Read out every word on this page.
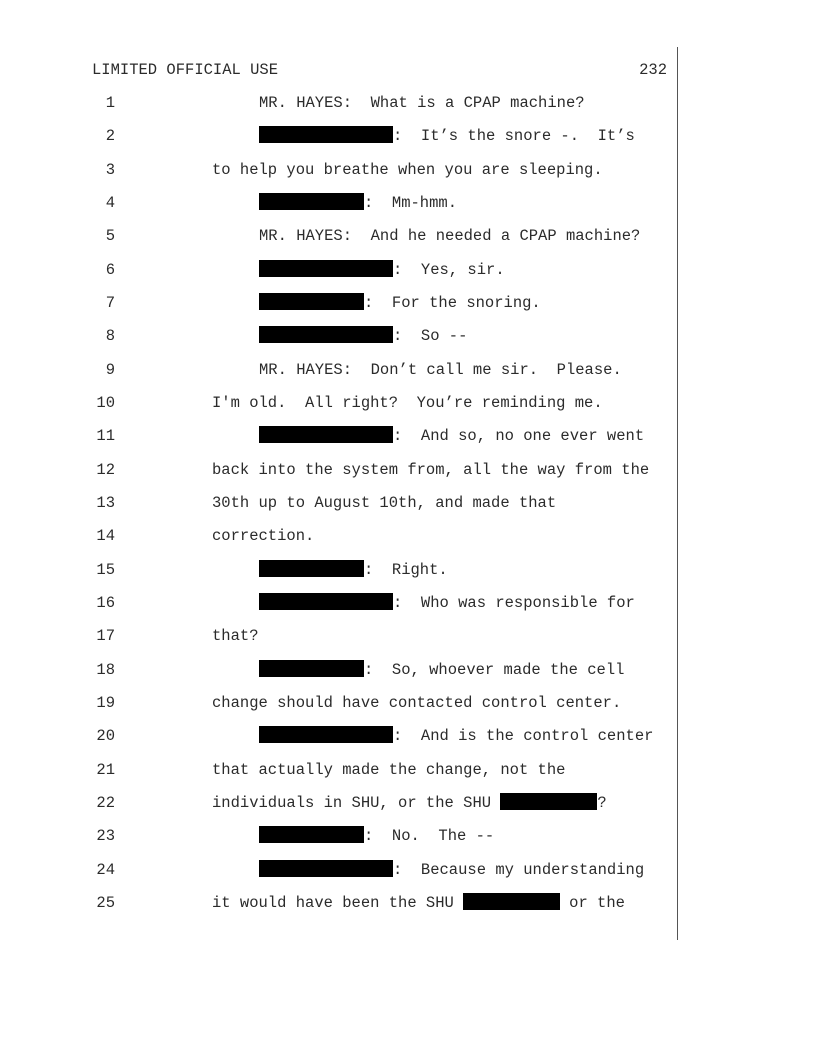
LIMITED OFFICIAL USE	232
1	MR. HAYES:  What is a CPAP machine?
2	:  It’s the snore -.  It’s
3	to help you breathe when you are sleeping.
4	:  Mm-hmm.
5	MR. HAYES:  And he needed a CPAP machine?
6	:  Yes, sir.
7	:  For the snoring.
8	:  So --
9	MR. HAYES:  Don’t call me sir.  Please.
10	I'm old.  All right?  You’re reminding me.
11	:  And so, no one ever went
12	back into the system from, all the way from the
13	30th up to August 10th, and made that
14	correction.
15	:  Right.
16	:  Who was responsible for
17	that?
18	:  So, whoever made the cell
19	change should have contacted control center.
20	:  And is the control center
21	that actually made the change, not the
22	individuals in SHU, or the SHU	?
23	:  No.  The --
24	:  Because my understanding
25	it would have been the SHU	or the
